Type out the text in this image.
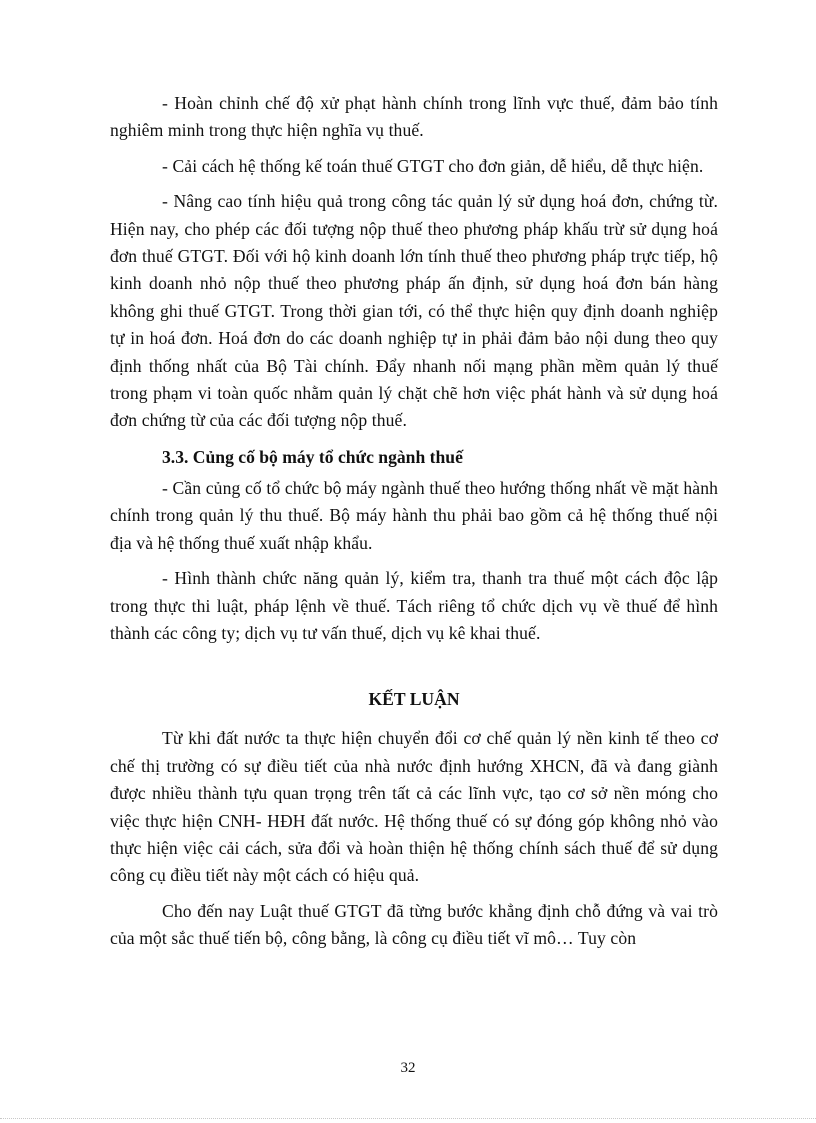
- Hoàn chỉnh chế độ xử phạt hành chính trong lĩnh vực thuế, đảm bảo tính nghiêm minh trong thực hiện nghĩa vụ thuế.

- Cải cách hệ thống kế toán thuế GTGT cho đơn giản, dễ hiểu, dễ thực hiện.

- Nâng cao tính hiệu quả trong công tác quản lý sử dụng hoá đơn, chứng từ. Hiện nay, cho phép các đối tượng nộp thuế theo phương pháp khấu trừ sử dụng hoá đơn thuế GTGT. Đối với hộ kinh doanh lớn tính thuế theo phương pháp trực tiếp, hộ kinh doanh nhỏ nộp thuế theo phương pháp ấn định, sử dụng hoá đơn bán hàng không ghi thuế GTGT. Trong thời gian tới, có thể thực hiện quy định doanh nghiệp tự in hoá đơn. Hoá đơn do các doanh nghiệp tự in phải đảm bảo nội dung theo quy định thống nhất của Bộ Tài chính. Đẩy nhanh nối mạng phần mềm quản lý thuế trong phạm vi toàn quốc nhằm quản lý chặt chẽ hơn việc phát hành và sử dụng hoá đơn chứng từ của các đối tượng nộp thuế.

3.3. Củng cố bộ máy tổ chức ngành thuế

- Cần củng cố tổ chức bộ máy ngành thuế theo hướng thống nhất về mặt hành chính trong quản lý thu thuế. Bộ máy hành thu phải bao gồm cả hệ thống thuế nội địa và hệ thống thuế xuất nhập khẩu.

- Hình thành chức năng quản lý, kiểm tra, thanh tra thuế một cách độc lập trong thực thi luật, pháp lệnh về thuế. Tách riêng tổ chức dịch vụ về thuế để hình thành các công ty; dịch vụ tư vấn thuế, dịch vụ kê khai thuế.

KẾT LUẬN

Từ khi đất nước ta thực hiện chuyển đổi cơ chế quản lý nền kinh tế theo cơ chế thị trường có sự điều tiết của nhà nước định hướng XHCN, đã và đang giành được nhiều thành tựu quan trọng trên tất cả các lĩnh vực, tạo cơ sở nền móng cho việc thực hiện CNH- HĐH đất nước. Hệ thống thuế có sự đóng góp không nhỏ vào thực hiện việc cải cách, sửa đổi và hoàn thiện hệ thống chính sách thuế để sử dụng công cụ điều tiết này một cách có hiệu quả.

Cho đến nay Luật thuế GTGT đã từng bước khẳng định chỗ đứng và vai trò của một sắc thuế tiến bộ, công bằng, là công cụ điều tiết vĩ mô… Tuy còn

32
